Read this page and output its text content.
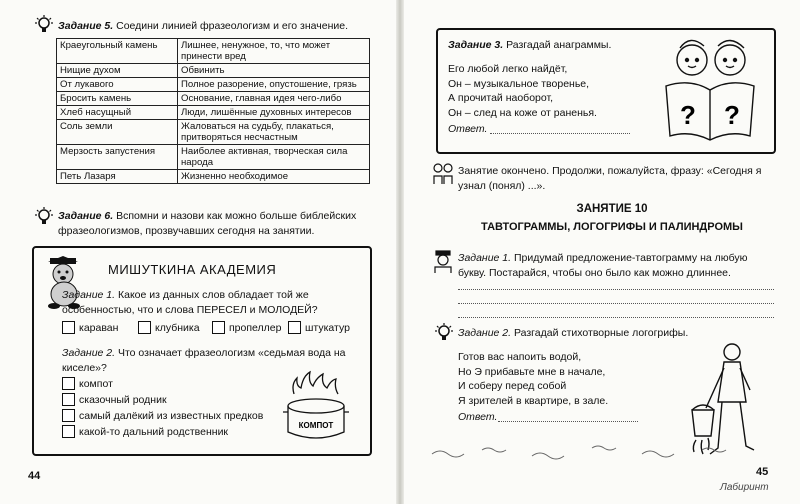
Задание 5. Соедини линией фразеологизм и его значение.
Краеугольный камень	Лишнее, ненужное, то, что может принести вред
Нищие духом	Обвинить
От лукавого	Полное разорение, опустошение, грязь
Бросить камень	Основание, главная идея чего-либо
Хлеб насущный	Люди, лишённые духовных интересов
Соль земли	Жаловаться на судьбу, плакаться, притворяться несчастным
Мерзость запустения	Наиболее активная, творческая сила народа
Петь Лазаря	Жизненно необходимое
Задание 6. Вспомни и назови как можно больше библейских фразеологизмов, прозвучавших сегодня на занятии.
МИШУТКИНА АКАДЕМИЯ
Задание 1. Какое из данных слов обладает той же особенностью, что и слова ПЕРЕСЕЛ и МОЛОДЕЙ?
караван	клубника	пропеллер штукатур
Задание 2. Что означает фразеологизм «седьмая вода на киселе»?
компот
сказочный родник
самый далёкий из известных предков
какой-то дальний родственник	КОМПОТ
44
Задание 3. Разгадай анаграммы.
Его любой легко найдёт,
Он – музыкальное творенье,
А прочитай наоборот,
Он – след на коже от раненья.
Ответ.	? ?
Занятие окончено. Продолжи, пожалуйста, фразу: «Сегодня я узнал (понял) ...».
ЗАНЯТИЕ 10
ТАВТОГРАММЫ, ЛОГОГРИФЫ И ПАЛИНДРОМЫ
Задание 1. Придумай предложение-тавтограмму на любую букву. Постарайся, чтобы оно было как можно длиннее.
Задание 2. Разгадай стихотворные логогрифы.
Готов вас напоить водой,
Но Э прибавьте мне в начале,
И соберу перед собой
Я зрителей в квартире, в зале.
Ответ.
45
Лабиринт
